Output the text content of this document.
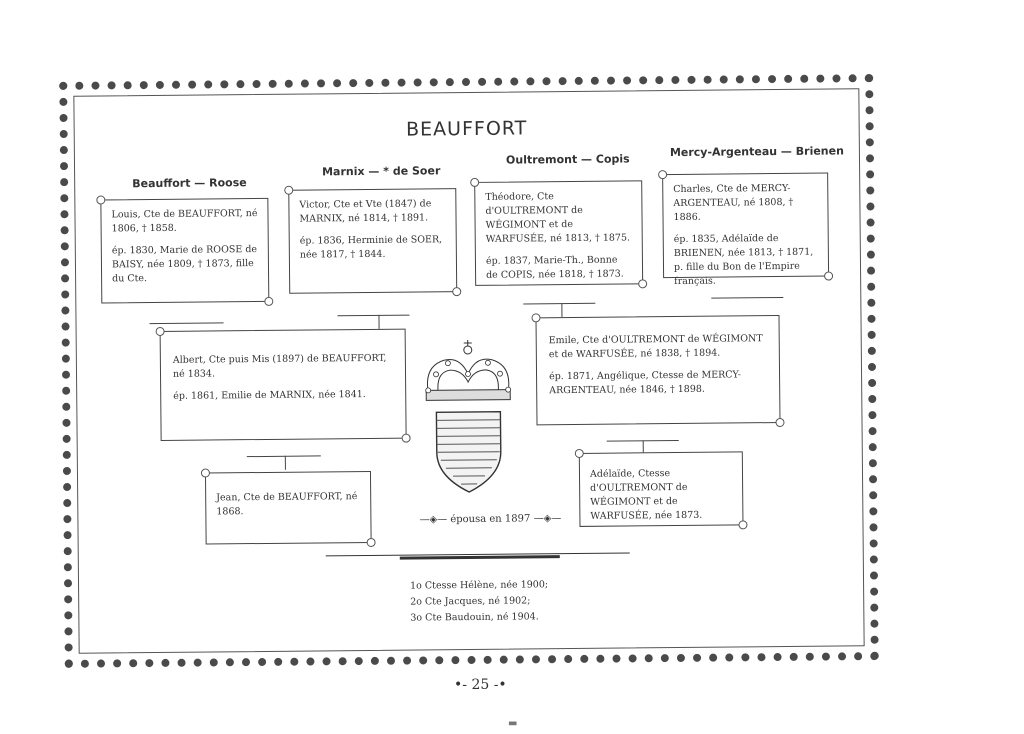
BEAUFFORT
Beauffort — Roose
Marnix — * de Soer
Oultremont — Copis
Mercy-Argenteau — Brienen

Louis, Cte de BEAUFFORT, né 1806, † 1858.

ép. 1830, Marie de ROOSE de BAISY, née 1809, † 1873, fille du Cte.

Victor, Cte et Vte (1847) de MARNIX, né 1814, † 1891.

ép. 1836, Herminie de SOER, née 1817, † 1844.

Théodore, Cte d'OULTREMONT de WÉGIMONT et de WARFUSÉE, né 1813, † 1875.

ép. 1837, Marie-Th., Bonne de COPIS, née 1818, † 1873.

Charles, Cte de MERCY-ARGENTEAU, né 1808, † 1886.

ép. 1835, Adélaïde de BRIENEN, née 1813, † 1871, p. fille du Bon de l'Empire français.

Albert, Cte puis Mis (1897) de BEAUFFORT, né 1834.

ép. 1861, Emilie de MARNIX, née 1841.

Emile, Cte d'OULTREMONT de WÉGIMONT et de WARFUSÉE, né 1838, † 1894.

ép. 1871, Angélique, Ctesse de MERCY-ARGENTEAU, née 1846, † 1898.

Jean, Cte de BEAUFFORT, né 1868.

Adélaïde, Ctesse d'OULTREMONT de WÉGIMONT et de WARFUSÉE, née 1873.

—◈— épousa en 1897 —◈—
1o Ctesse Hélène, née 1900;
2o Cte Jacques, né 1902;
3o Cte Baudouin, né 1904.
•- 25 -•
▬
